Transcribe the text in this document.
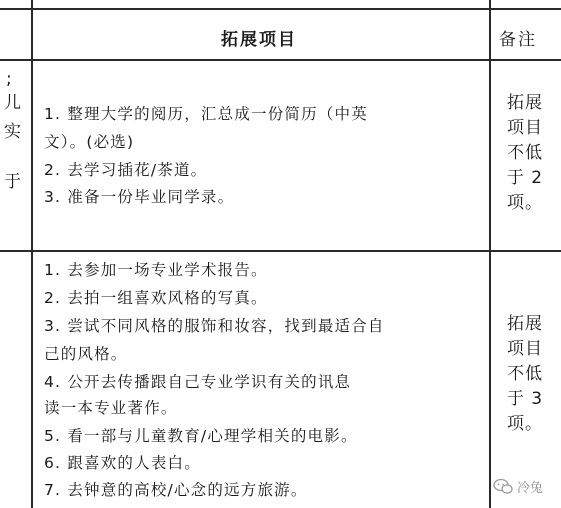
拓展项目	备注
;
儿
实
于
1. 整理大学的阅历，汇总成一份简历（中英
文）。(必选)
2. 去学习插花/茶道。
3. 准备一份毕业同学录。
拓展
项目
不低
于 2
项。
1. 去参加一场专业学术报告。
2. 去拍一组喜欢风格的写真。
3. 尝试不同风格的服饰和妆容，找到最适合自
己的风格。
4. 公开去传播跟自己专业学识有关的讯息
读一本专业著作。
5. 看一部与儿童教育/心理学相关的电影。
6. 跟喜欢的人表白。
7. 去钟意的高校/心念的远方旅游。
拓展
项目
不低
于 3
项。
冷兔
